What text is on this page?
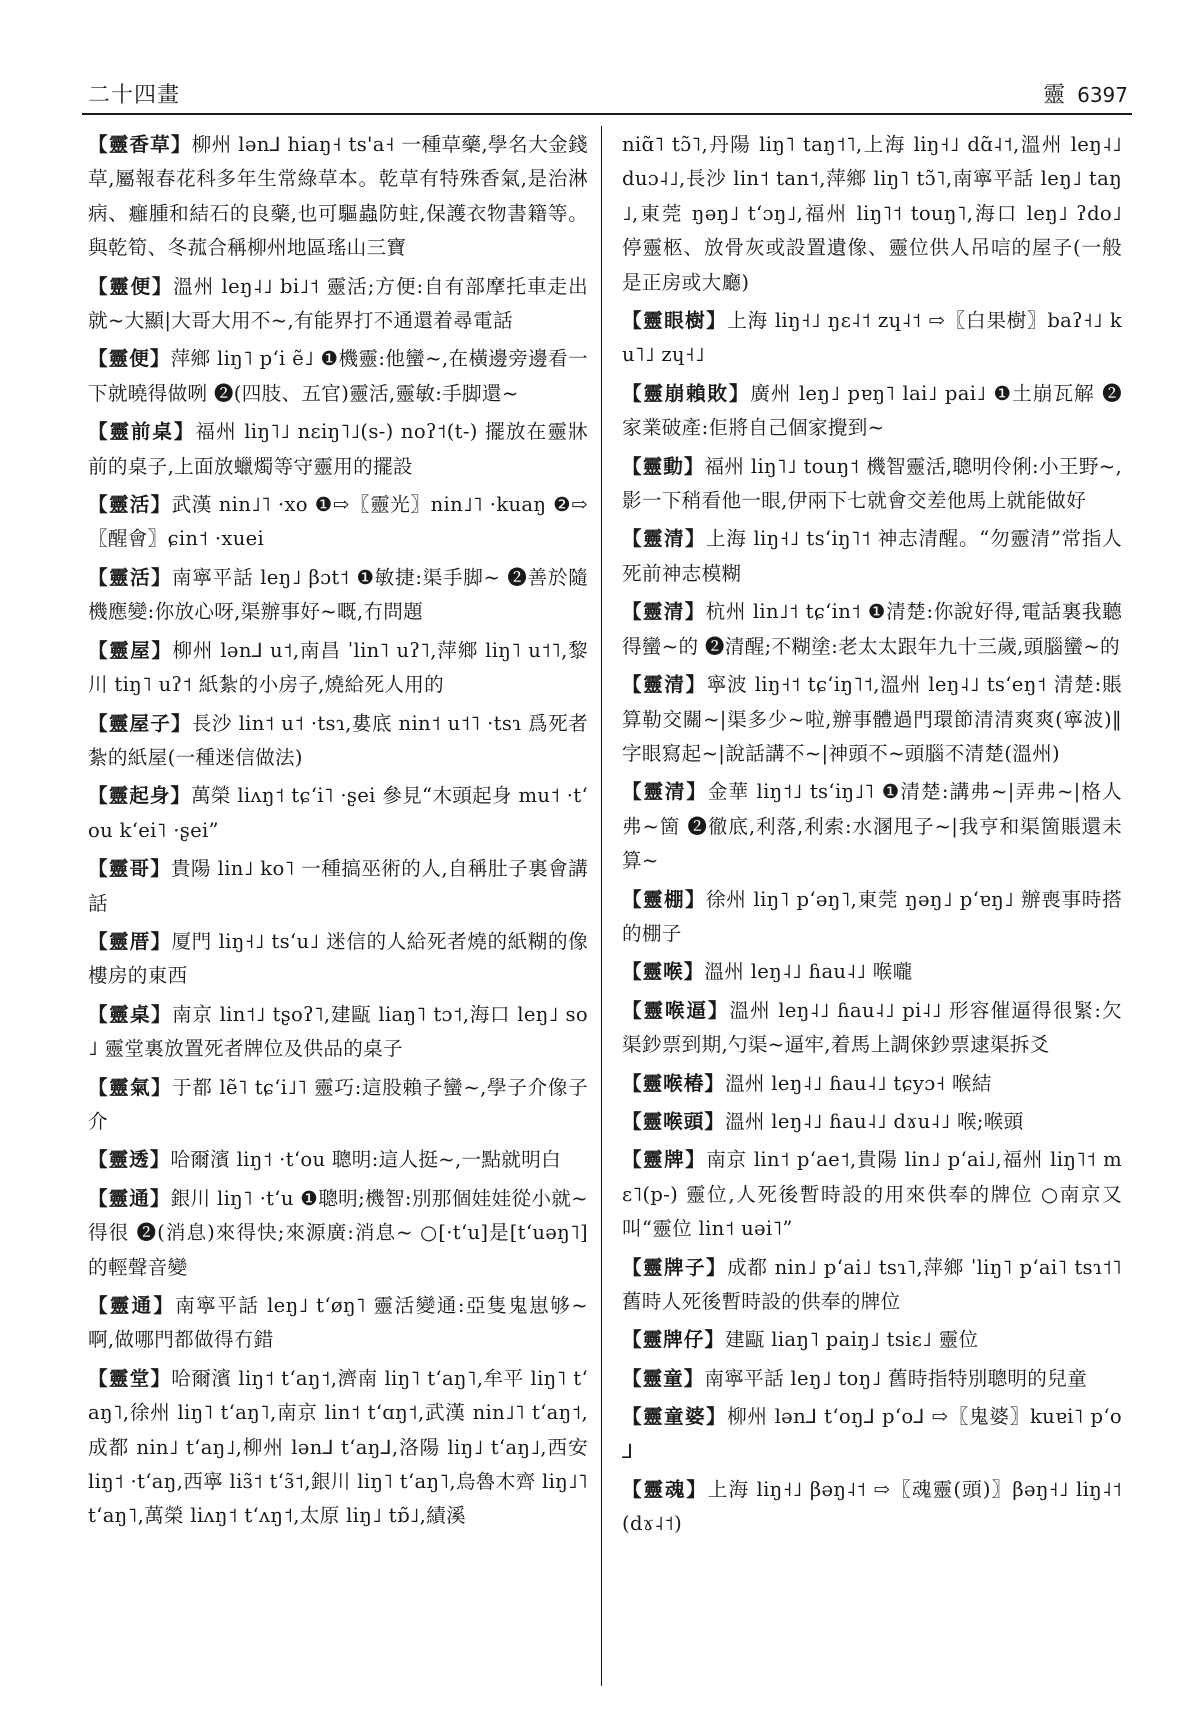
二十四畫	靈 6397

【 靈香草 】 柳州 lən⅃ hiaŋ˧ ts'a˧ 一種草藥,學名大金錢草,屬報春花科多年生常綠草本。乾草有特殊香氣,是治淋病、癰腫和結石的良藥,也可驅蟲防蛀,保護衣物書籍等。與乾筍、冬菰合稱柳州地區瑤山三寶

【 靈便 】 溫州 leŋ˨˩ bi˩˦ 靈活;方便:自有部摩托車走出就~大顯|大哥大用不~,有能界打不通還着尋電話

【 靈便 】 萍鄉 liŋ˥ pʻi ẽ˩ ❶機靈:他蠻~,在橫邊旁邊看一下就曉得做咧 ❷(四肢、五官)靈活,靈敏:手脚還~

【 靈前桌 】 福州 liŋ˥˩ nɛiŋ˥˩(s-) noʔ˦(t-) 擺放在靈牀前的桌子,上面放蠟燭等守靈用的擺設

【 靈活 】 武漢 nin˩˥ ·xo ❶⇨〖靈光〗nin˩˥ ·kuaŋ ❷⇨〖醒會〗ɕin˦ ·xuei

【 靈活 】 南寧平話 leŋ˩ βɔt˦ ❶敏捷:渠手脚~ ❷善於隨機應變:你放心呀,渠辦事好~嘅,冇問題

【 靈屋 】 柳州 lən⅃ u˦,南昌 ˈlin˥ uʔ˥,萍鄉 liŋ˥ u˦˥,黎川 tiŋ˥ uʔ˦ 紙紮的小房子,燒給死人用的

【 靈屋子 】 長沙 lin˦ u˦ ·tsɿ,婁底 nin˦ u˦˥ ·tsɿ 爲死者紮的紙屋(一種迷信做法)

【 靈起身 】 萬榮 liʌŋ˦ tɕʻi˥ ·ʂei 參見“木頭起身 mu˦ ·tʻou kʻei˥ ·ʂei”

【 靈哥 】 貴陽 lin˩ ko˥ 一種搞巫術的人,自稱肚子裏會講話

【 靈厝 】 厦門 liŋ˧˩ tsʻu˩ 迷信的人給死者燒的紙糊的像樓房的東西

【 靈桌 】 南京 lin˦˩ tʂoʔ˥,建甌 liaŋ˥ tɔ˦,海口 leŋ˩ so˩ 靈堂裏放置死者牌位及供品的桌子

【 靈氣 】 于都 lẽ˥ tɕʻi˩˥ 靈巧:這股賴子蠻~,學子介像子介

【 靈透 】 哈爾濱 liŋ˦ ·tʻou 聰明:這人挺~,一點就明白

【 靈通 】 銀川 liŋ˥ ·tʻu ❶聰明;機智:別那個娃娃從小就~得很 ❷(消息)來得快;來源廣:消息~ ○[·tʻu]是[tʻuəŋ˥]的輕聲音變

【 靈通 】 南寧平話 leŋ˩ tʻøŋ˥ 靈活變通:亞隻鬼崽够~啊,做哪門都做得冇錯

【 靈堂 】 哈爾濱 liŋ˦ tʻaŋ˦,濟南 liŋ˥ tʻaŋ˥,牟平 liŋ˥ tʻaŋ˥,徐州 liŋ˥ tʻaŋ˥,南京 lin˦ tʻɑŋ˦,武漢 nin˩˥ tʻaŋ˦,成都 nin˩ tʻaŋ˩,柳州 lən⅃ tʻaŋ⅃,洛陽 liŋ˩ tʻaŋ˩,西安 liŋ˦ ·tʻaŋ,西寧 liɜ̃˦ tʻɜ̃˦,銀川 liŋ˥ tʻaŋ˥,烏魯木齊 liŋ˩˥ tʻaŋ˥,萬榮 liʌŋ˦ tʻʌŋ˦,太原 liŋ˩ tɒ̃˩,績溪

niɑ̃˥ tɔ̃˥,丹陽 liŋ˥ taŋ˦˥,上海 liŋ˧˩ dɑ̃˨˦,溫州 leŋ˨˩ duɔ˨˩,長沙 lin˦ tan˦,萍鄉 liŋ˥ tɔ̃˥,南寧平話 leŋ˩ taŋ˩,東莞 ŋəŋ˩ tʻɔŋ˩,福州 liŋ˥˦ touŋ˥,海口 leŋ˩ ʔdo˩ 停靈柩、放骨灰或設置遺像、靈位供人吊唁的屋子(一般是正房或大廳)

【 靈眼樹 】 上海 liŋ˧˩ ŋɛ˨˦ zɥ˨˦ ⇨〖白果樹〗baʔ˧˩ ku˥˩ zɥ˧˩

【 靈崩賴敗 】 廣州 leŋ˩ pɐŋ˥ lai˩ pai˩ ❶土崩瓦解 ❷家業破產:佢將自己個家攪到~

【 靈動 】 福州 liŋ˥˩ touŋ˦ 機智靈活,聰明伶俐:小王野~,影一下稍看他一眼,伊兩下七就會交差他馬上就能做好

【 靈清 】 上海 liŋ˧˩ tsʻiŋ˥˦ 神志清醒。“勿靈清”常指人死前神志模糊

【 靈清 】 杭州 lin˩˦ tɕʻin˦ ❶清楚:你說好得,電話裏我聽得蠻~的 ❷清醒;不糊塗:老太太跟年九十三歲,頭腦蠻~的

【 靈清 】 寧波 liŋ˧˦ tɕʻiŋ˥˦,溫州 leŋ˨˩ tsʻeŋ˦ 清楚:賬算勒交關~|渠多少~啦,辦事體過門環節清清爽爽(寧波)‖字眼寫起~|說話講不~|神頭不~頭腦不清楚(溫州)

【 靈清 】 金華 liŋ˦˩ tsʻiŋ˩˥ ❶清楚:講弗~|弄弗~|格人弗~箇 ❷徹底,利落,利索:水溷甩子~|我亨和渠箇賬還未算~

【 靈棚 】 徐州 liŋ˥ pʻəŋ˥,東莞 ŋəŋ˩ pʻɐŋ˩ 辦喪事時搭的棚子

【 靈喉 】 溫州 leŋ˨˩ ɦau˨˩ 喉嚨

【 靈喉逼 】 溫州 leŋ˨˩ ɦau˨˩ pi˨˩ 形容催逼得很緊:欠渠鈔票到期,勺渠~逼牢,着馬上調倈鈔票逮渠拆爻

【 靈喉椿 】 溫州 leŋ˨˩ ɦau˨˩ tɕyɔ˧ 喉結

【 靈喉頭 】 溫州 leŋ˨˩ ɦau˨˩ dɤu˨˩ 喉;喉頭

【 靈牌 】 南京 lin˦ pʻae˦,貴陽 lin˩ pʻai˩,福州 liŋ˥˦ mɛ˥(p-) 靈位,人死後暫時設的用來供奉的牌位 ○南京又叫“靈位 lin˦ uəi˥”

【 靈牌子 】 成都 nin˩ pʻai˩ tsɿ˥,萍鄉 ˈliŋ˥ pʻai˥ tsɿ˦˥ 舊時人死後暫時設的供奉的牌位

【 靈牌仔 】 建甌 liaŋ˥ paiŋ˩ tsiɛ˩ 靈位

【 靈童 】 南寧平話 leŋ˩ toŋ˩ 舊時指特別聰明的兒童

【 靈童婆 】 柳州 lən⅃ tʻoŋ⅃ pʻo⅃ ⇨〖鬼婆〗kuɐi˥ pʻo⅃

【 靈魂 】 上海 liŋ˧˩ βəŋ˨˦ ⇨〖魂靈(頭)〗βəŋ˧˩ liŋ˨˦ (dɤ˨˦)
